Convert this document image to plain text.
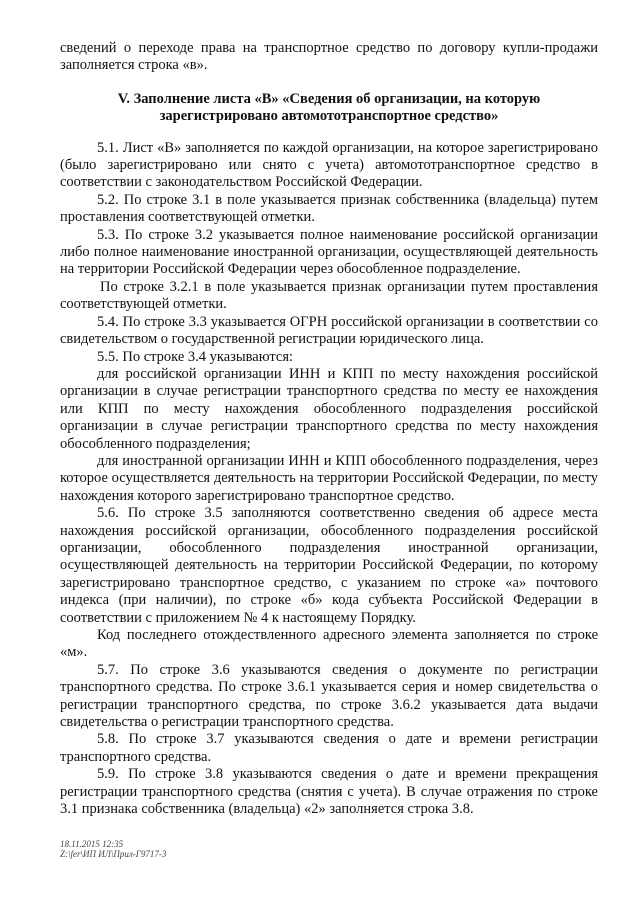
сведений о переходе права на транспортное средство по договору купли-продажи заполняется строка «в».

V. Заполнение листа «В» «Сведения об организации, на которую зарегистрировано автомототранспортное средство»

5.1. Лист «В» заполняется по каждой организации, на которое зарегистрировано (было зарегистрировано или снято с учета) автомототранспортное средство в соответствии с законодательством Российской Федерации.

5.2. По строке 3.1 в поле указывается признак собственника (владельца) путем проставления соответствующей отметки.

5.3. По строке 3.2 указывается полное наименование российской организации либо полное наименование иностранной организации, осуществляющей деятельность на территории Российской Федерации через обособленное подразделение.

По строке 3.2.1 в поле указывается признак организации путем проставления соответствующей отметки.

5.4. По строке 3.3 указывается ОГРН российской организации в соответствии со свидетельством о государственной регистрации юридического лица.

5.5. По строке 3.4 указываются:

для российской организации ИНН и КПП по месту нахождения российской организации в случае регистрации транспортного средства по месту ее нахождения или КПП по месту нахождения обособленного подразделения российской организации в случае регистрации транспортного средства по месту нахождения обособленного подразделения;

для иностранной организации ИНН и КПП обособленного подразделения, через которое осуществляется деятельность на территории Российской Федерации, по месту нахождения которого зарегистрировано транспортное средство.

5.6. По строке 3.5 заполняются соответственно сведения об адресе места нахождения российской организации, обособленного подразделения российской организации, обособленного подразделения иностранной организации, осуществляющей деятельность на территории Российской Федерации, по которому зарегистрировано транспортное средство, с указанием по строке «а» почтового индекса (при наличии), по строке «б» кода субъекта Российской Федерации в соответствии с приложением № 4 к настоящему Порядку.

Код последнего отождествленного адресного элемента заполняется по строке «м».

5.7. По строке 3.6 указываются сведения о документе по регистрации транспортного средства. По строке 3.6.1 указывается серия и номер свидетельства о регистрации транспортного средства, по строке 3.6.2 указывается дата выдачи свидетельства о регистрации транспортного средства.

5.8. По строке 3.7 указываются сведения о дате и времени регистрации транспортного средства.

5.9. По строке 3.8 указываются сведения о дате и времени прекращения регистрации транспортного средства (снятия с учета). В случае отражения по строке 3.1 признака собственника (владельца) «2» заполняется строка 3.8.

18.11.2015 12:35
Z:\fer\ИП ИЛ\Прил-Г9717-3
